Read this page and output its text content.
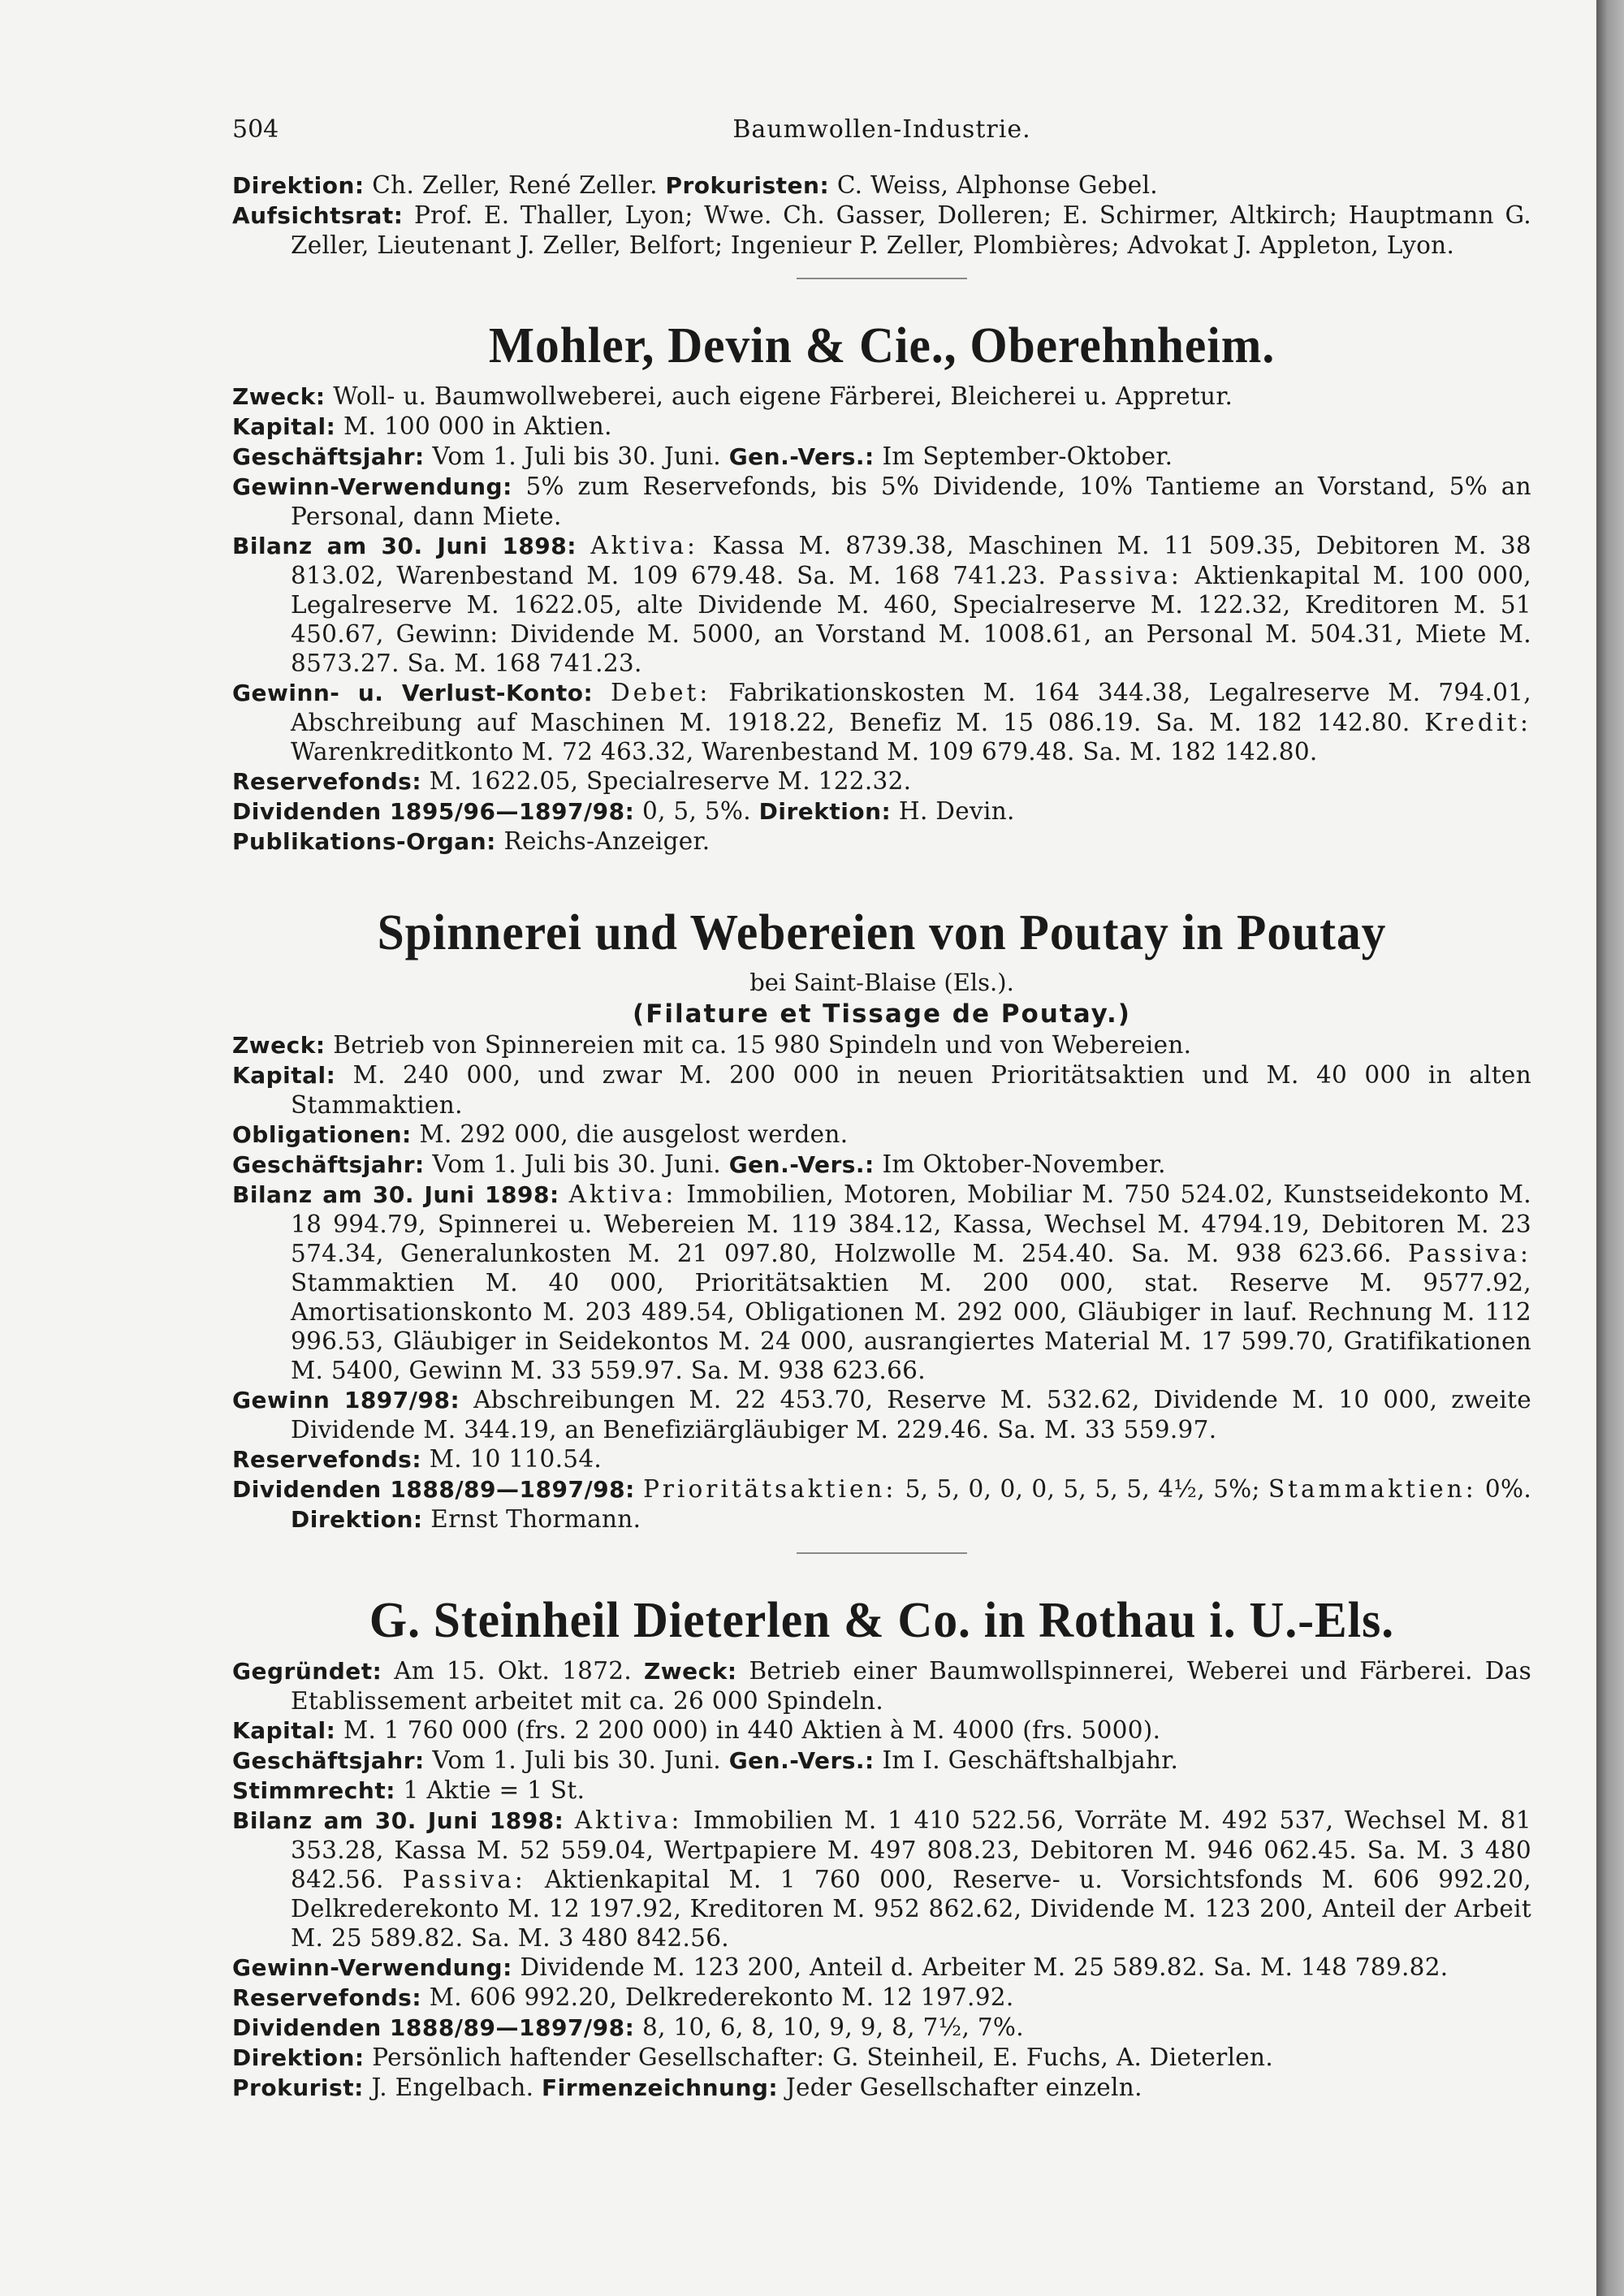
504	Baumwollen-Industrie.

Direktion: Ch. Zeller, René Zeller. Prokuristen: C. Weiss, Alphonse Gebel.

Aufsichtsrat: Prof. E. Thaller, Lyon; Wwe. Ch. Gasser, Dolleren; E. Schirmer, Altkirch; Hauptmann G. Zeller, Lieutenant J. Zeller, Belfort; Ingenieur P. Zeller, Plombières; Advokat J. Appleton, Lyon.

Mohler, Devin & Cie., Oberehnheim.

Zweck: Woll- u. Baumwollweberei, auch eigene Färberei, Bleicherei u. Appretur.

Kapital: M. 100 000 in Aktien.

Geschäftsjahr: Vom 1. Juli bis 30. Juni. Gen.-Vers.: Im September-Oktober.

Gewinn-Verwendung: 5% zum Reservefonds, bis 5% Dividende, 10% Tantieme an Vorstand, 5% an Personal, dann Miete.

Bilanz am 30. Juni 1898: Aktiva: Kassa M. 8739.38, Maschinen M. 11 509.35, Debitoren M. 38 813.02, Warenbestand M. 109 679.48. Sa. M. 168 741.23. Passiva: Aktienkapital M. 100 000, Legalreserve M. 1622.05, alte Dividende M. 460, Specialreserve M. 122.32, Kreditoren M. 51 450.67, Gewinn: Dividende M. 5000, an Vorstand M. 1008.61, an Personal M. 504.31, Miete M. 8573.27. Sa. M. 168 741.23.

Gewinn- u. Verlust-Konto: Debet: Fabrikationskosten M. 164 344.38, Legalreserve M. 794.01, Abschreibung auf Maschinen M. 1918.22, Benefiz M. 15 086.19. Sa. M. 182 142.80. Kredit: Warenkreditkonto M. 72 463.32, Warenbestand M. 109 679.48. Sa. M. 182 142.80.

Reservefonds: M. 1622.05, Specialreserve M. 122.32.

Dividenden 1895/96—1897/98: 0, 5, 5%. Direktion: H. Devin.

Publikations-Organ: Reichs-Anzeiger.

Spinnerei und Webereien von Poutay in Poutay

bei Saint-Blaise (Els.).

(Filature et Tissage de Poutay.)

Zweck: Betrieb von Spinnereien mit ca. 15 980 Spindeln und von Webereien.

Kapital: M. 240 000, und zwar M. 200 000 in neuen Prioritätsaktien und M. 40 000 in alten Stammaktien.

Obligationen: M. 292 000, die ausgelost werden.

Geschäftsjahr: Vom 1. Juli bis 30. Juni. Gen.-Vers.: Im Oktober-November.

Bilanz am 30. Juni 1898: Aktiva: Immobilien, Motoren, Mobiliar M. 750 524.02, Kunstseidekonto M. 18 994.79, Spinnerei u. Webereien M. 119 384.12, Kassa, Wechsel M. 4794.19, Debitoren M. 23 574.34, Generalunkosten M. 21 097.80, Holzwolle M. 254.40. Sa. M. 938 623.66. Passiva: Stammaktien M. 40 000, Prioritätsaktien M. 200 000, stat. Reserve M. 9577.92, Amortisationskonto M. 203 489.54, Obligationen M. 292 000, Gläubiger in lauf. Rechnung M. 112 996.53, Gläubiger in Seidekontos M. 24 000, ausrangiertes Material M. 17 599.70, Gratifikationen M. 5400, Gewinn M. 33 559.97. Sa. M. 938 623.66.

Gewinn 1897/98: Abschreibungen M. 22 453.70, Reserve M. 532.62, Dividende M. 10 000, zweite Dividende M. 344.19, an Benefiziärgläubiger M. 229.46. Sa. M. 33 559.97.

Reservefonds: M. 10 110.54.

Dividenden 1888/89—1897/98: Prioritätsaktien: 5, 5, 0, 0, 0, 5, 5, 5, 4½, 5%; Stammaktien: 0%. Direktion: Ernst Thormann.

G. Steinheil Dieterlen & Co. in Rothau i. U.-Els.

Gegründet: Am 15. Okt. 1872. Zweck: Betrieb einer Baumwollspinnerei, Weberei und Färberei. Das Etablissement arbeitet mit ca. 26 000 Spindeln.

Kapital: M. 1 760 000 (frs. 2 200 000) in 440 Aktien à M. 4000 (frs. 5000).

Geschäftsjahr: Vom 1. Juli bis 30. Juni. Gen.-Vers.: Im I. Geschäftshalbjahr.

Stimmrecht: 1 Aktie = 1 St.

Bilanz am 30. Juni 1898: Aktiva: Immobilien M. 1 410 522.56, Vorräte M. 492 537, Wechsel M. 81 353.28, Kassa M. 52 559.04, Wertpapiere M. 497 808.23, Debitoren M. 946 062.45. Sa. M. 3 480 842.56. Passiva: Aktienkapital M. 1 760 000, Reserve- u. Vorsichtsfonds M. 606 992.20, Delkrederekonto M. 12 197.92, Kreditoren M. 952 862.62, Dividende M. 123 200, Anteil der Arbeit M. 25 589.82. Sa. M. 3 480 842.56.

Gewinn-Verwendung: Dividende M. 123 200, Anteil d. Arbeiter M. 25 589.82. Sa. M. 148 789.82.

Reservefonds: M. 606 992.20, Delkrederekonto M. 12 197.92.

Dividenden 1888/89—1897/98: 8, 10, 6, 8, 10, 9, 9, 8, 7½, 7%.

Direktion: Persönlich haftender Gesellschafter: G. Steinheil, E. Fuchs, A. Dieterlen.

Prokurist: J. Engelbach. Firmenzeichnung: Jeder Gesellschafter einzeln.
